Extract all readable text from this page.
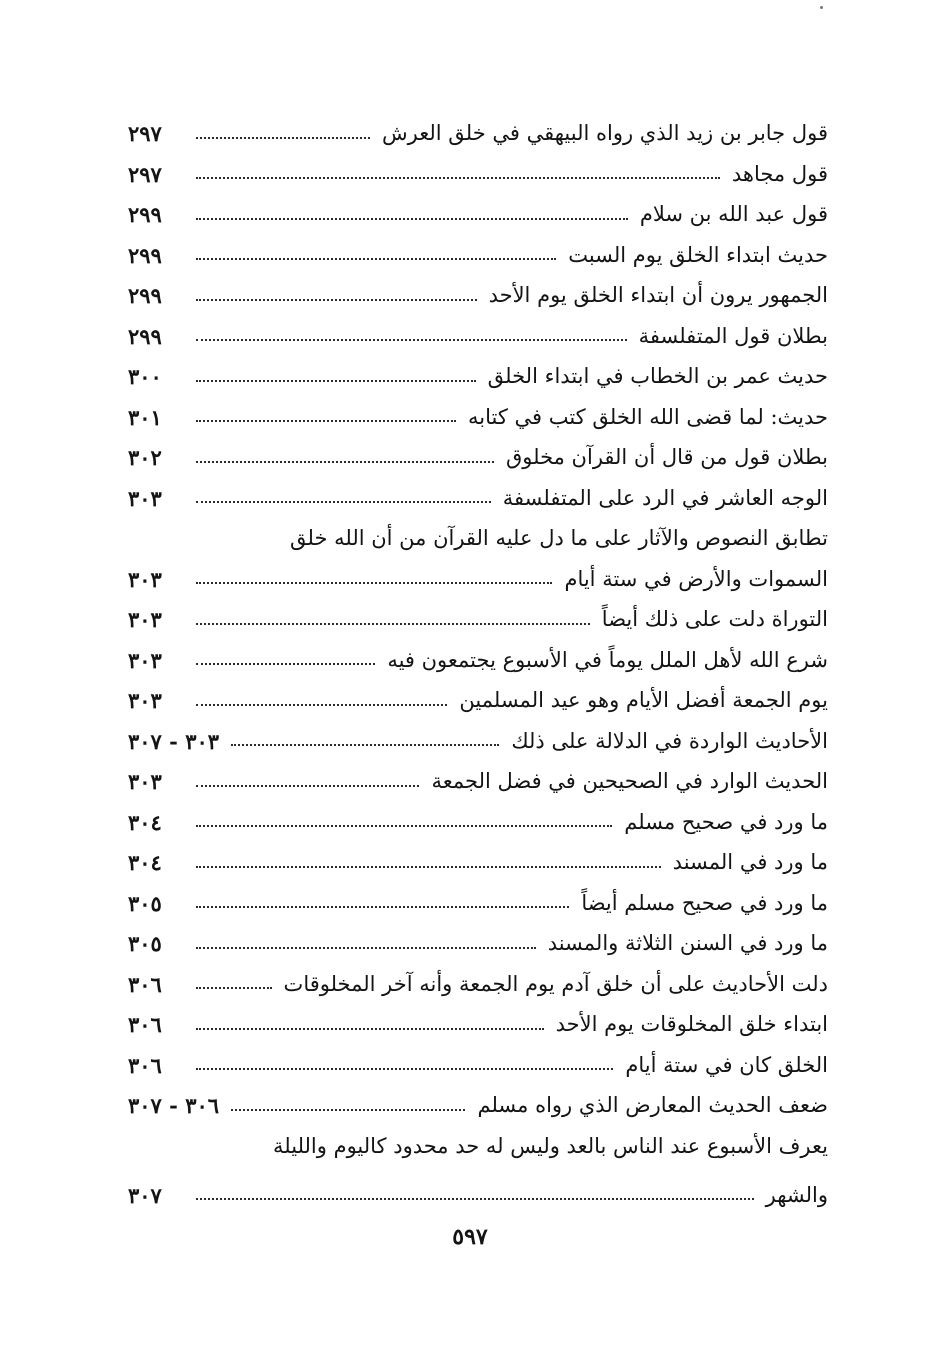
قول جابر بن زيد الذي رواه البيهقي في خلق العرش
٢٩٧
قول مجاهد
٢٩٧
قول عبد الله بن سلام
٢٩٩
حديث ابتداء الخلق يوم السبت
٢٩٩
الجمهور يرون أن ابتداء الخلق يوم الأحد
٢٩٩
بطلان قول المتفلسفة
٢٩٩
حديث عمر بن الخطاب في ابتداء الخلق
٣٠٠
حديث: لما قضى الله الخلق كتب في كتابه
٣٠١
بطلان قول من قال أن القرآن مخلوق
٣٠٢
الوجه العاشر في الرد على المتفلسفة
٣٠٣
تطابق النصوص والآثار على ما دل عليه القرآن من أن الله خلق
السموات والأرض في ستة أيام
٣٠٣
التوراة دلت على ذلك أيضاً
٣٠٣
شرع الله لأهل الملل يوماً في الأسبوع يجتمعون فيه
٣٠٣
يوم الجمعة أفضل الأيام وهو عيد المسلمين
٣٠٣
الأحاديث الواردة في الدلالة على ذلك
٣٠٣ - ٣٠٧
الحديث الوارد في الصحيحين في فضل الجمعة
٣٠٣
ما ورد في صحيح مسلم
٣٠٤
ما ورد في المسند
٣٠٤
ما ورد في صحيح مسلم أيضاً
٣٠٥
ما ورد في السنن الثلاثة والمسند
٣٠٥
دلت الأحاديث على أن خلق آدم يوم الجمعة وأنه آخر المخلوقات
٣٠٦
ابتداء خلق المخلوقات يوم الأحد
٣٠٦
الخلق كان في ستة أيام
٣٠٦
ضعف الحديث المعارض الذي رواه مسلم
٣٠٦ - ٣٠٧
يعرف الأسبوع عند الناس بالعد وليس له حد محدود كاليوم والليلة
والشهر
٣٠٧
٥٩٧
